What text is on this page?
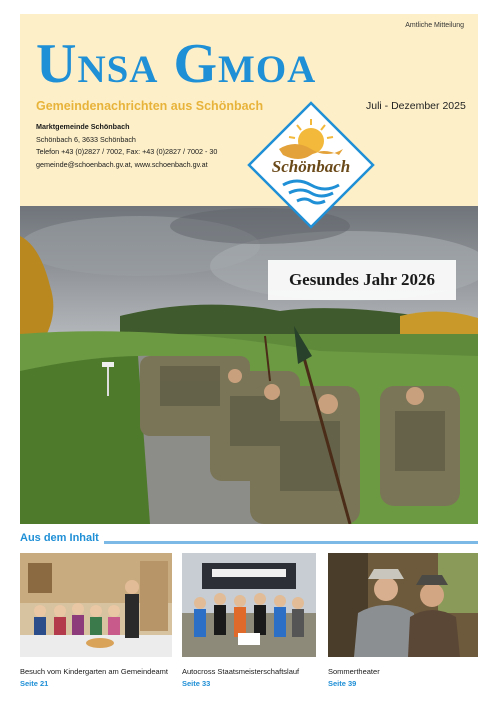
Amtliche Mitteilung
Unsa Gmoa
Gemeindenachrichten aus Schönbach	Juli - Dezember 2025
Marktgemeinde Schönbach
Schönbach 6, 3633 Schönbach
Telefon +43 (0)2827 / 7002, Fax: +43 (0)2827 / 7002 - 30
gemeinde@schoenbach.gv.at, www.schoenbach.gv.at	Schönbach
Gesundes Jahr 2026
Aus dem Inhalt
Besuch vom Kindergarten am Gemeindeamt
Seite 21
Autocross Staatsmeisterschaftslauf
Seite 33
Sommertheater
Seite 39
